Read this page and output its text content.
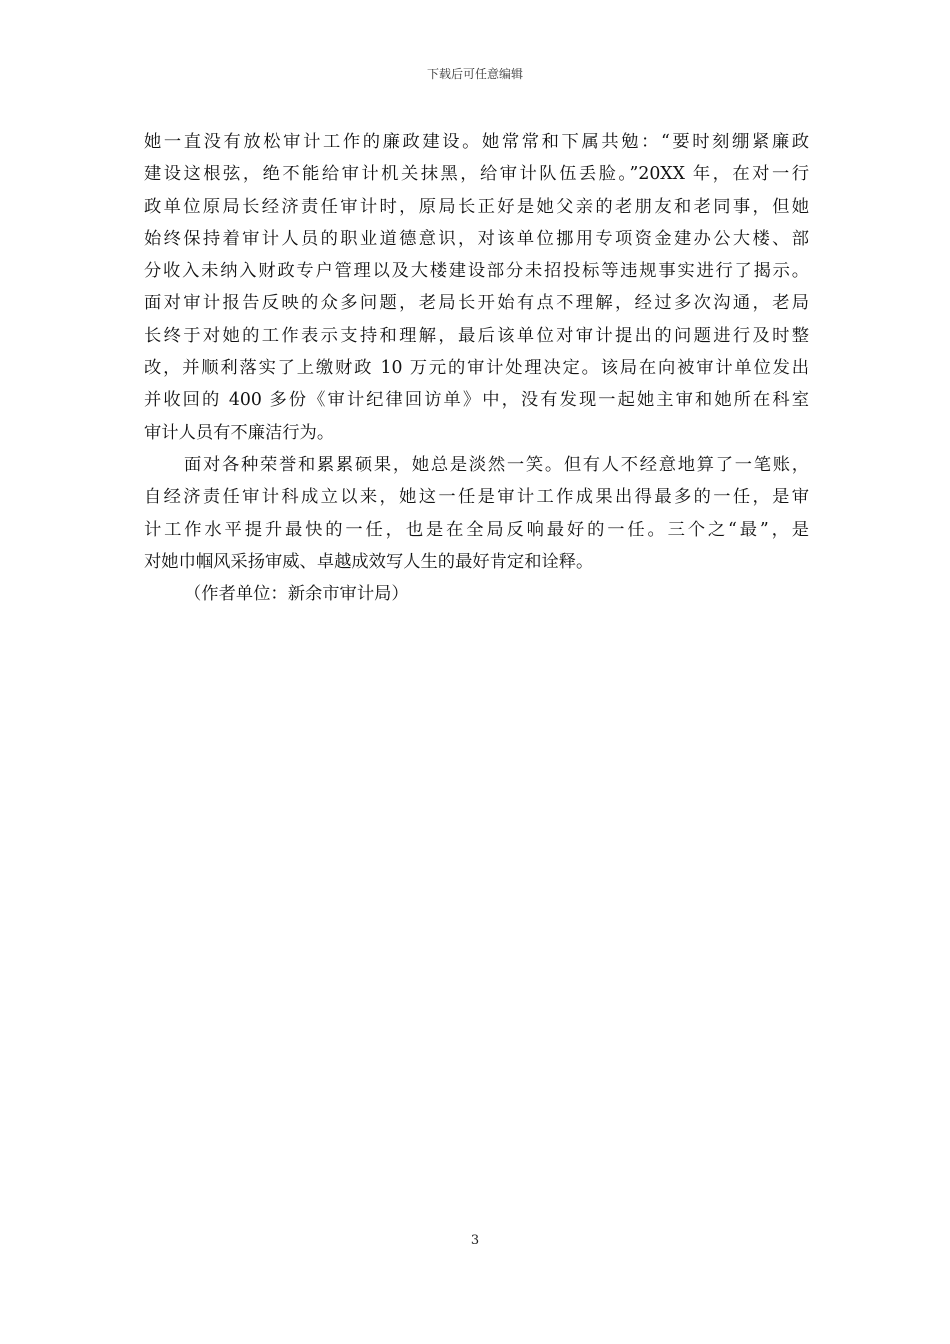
下载后可任意编辑
她一直没有放松审计工作的廉政建设。她常常和下属共勉：“要时刻绷紧廉政
建设这根弦，绝不能给审计机关抹黑，给审计队伍丢脸。”20XX 年，在对一行
政单位原局长经济责任审计时，原局长正好是她父亲的老朋友和老同事，但她
始终保持着审计人员的职业道德意识，对该单位挪用专项资金建办公大楼、部
分收入未纳入财政专户管理以及大楼建设部分未招投标等违规事实进行了揭示。
面对审计报告反映的众多问题，老局长开始有点不理解，经过多次沟通，老局
长终于对她的工作表示支持和理解，最后该单位对审计提出的问题进行及时整
改，并顺利落实了上缴财政 10 万元的审计处理决定。该局在向被审计单位发出
并收回的 400 多份《审计纪律回访单》中，没有发现一起她主审和她所在科室
审计人员有不廉洁行为。
面对各种荣誉和累累硕果，她总是淡然一笑。但有人不经意地算了一笔账，
自经济责任审计科成立以来，她这一任是审计工作成果出得最多的一任，是审
计工作水平提升最快的一任，也是在全局反响最好的一任。三个之“最”，是
对她巾帼风采扬审威、卓越成效写人生的最好肯定和诠释。
（作者单位：新余市审计局）
3
